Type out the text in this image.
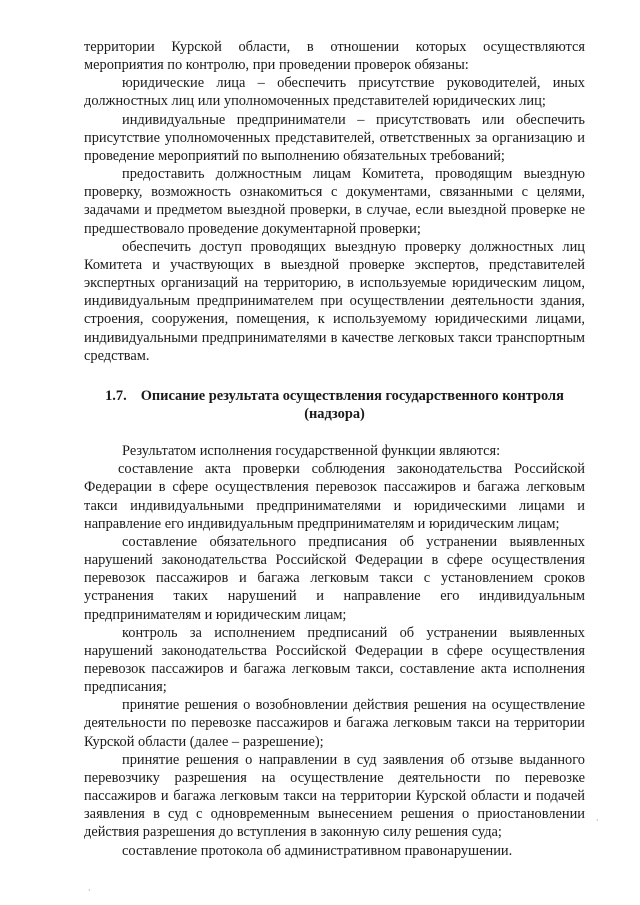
территории Курской области, в отношении которых осуществляются мероприятия по контролю, при проведении проверок обязаны:

юридические лица – обеспечить присутствие руководителей, иных должностных лиц или уполномоченных представителей юридических лиц;

индивидуальные предприниматели – присутствовать или обеспечить присутствие уполномоченных представителей, ответственных за организацию и проведение мероприятий по выполнению обязательных требований;

предоставить должностным лицам Комитета, проводящим выездную проверку, возможность ознакомиться с документами, связанными с целями, задачами и предметом выездной проверки, в случае, если выездной проверке не предшествовало проведение документарной проверки;

обеспечить доступ проводящих выездную проверку должностных лиц Комитета и участвующих в выездной проверке экспертов, представителей экспертных организаций на территорию, в используемые юридическим лицом, индивидуальным предпринимателем при осуществлении деятельности здания, строения, сооружения, помещения, к используемому юридическими лицами, индивидуальными предпринимателями в качестве легковых такси транспортным средствам.

1.7. Описание результата осуществления государственного контроля (надзора)

Результатом исполнения государственной функции являются:

составление акта проверки соблюдения законодательства Российской Федерации в сфере осуществления перевозок пассажиров и багажа легковым такси индивидуальными предпринимателями и юридическими лицами и направление его индивидуальным предпринимателям и юридическим лицам;

составление обязательного предписания об устранении выявленных нарушений законодательства Российской Федерации в сфере осуществления перевозок пассажиров и багажа легковым такси с установлением сроков устранения таких нарушений и направление его индивидуальным предпринимателям и юридическим лицам;

контроль за исполнением предписаний об устранении выявленных нарушений законодательства Российской Федерации в сфере осуществления перевозок пассажиров и багажа легковым такси, составление акта исполнения предписания;

принятие решения о возобновлении действия решения на осуществление деятельности по перевозке пассажиров и багажа легковым такси на территории Курской области (далее – разрешение);

принятие решения о направлении в суд заявления об отзыве выданного перевозчику разрешения на осуществление деятельности по перевозке пассажиров и багажа легковым такси на территории Курской области и подачей заявления в суд с одновременным вынесением решения о приостановлении действия разрешения до вступления в законную силу решения суда;

составление протокола об административном правонарушении.

·
·
